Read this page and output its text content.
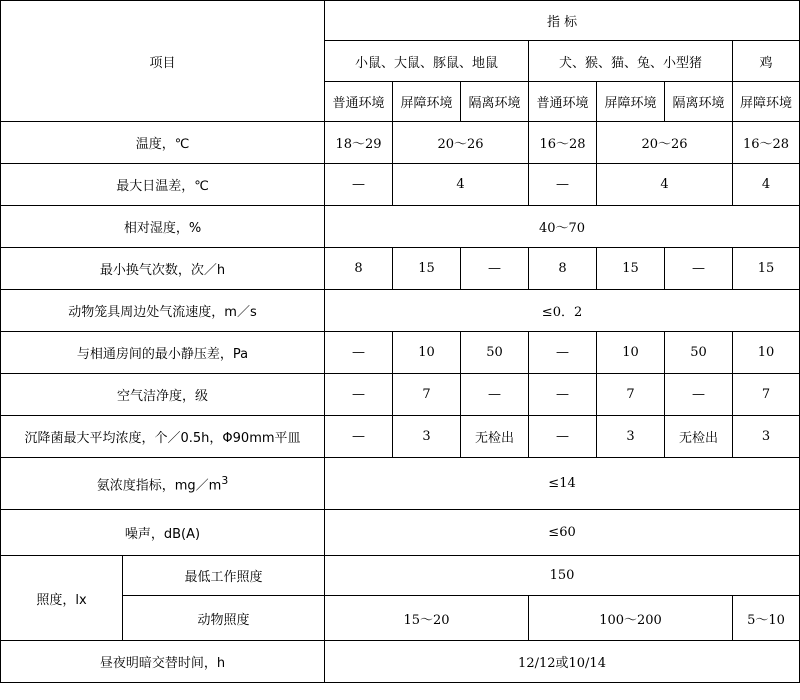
项目		指 标						
		小鼠、大鼠、豚鼠、地鼠			犬、猴、猫、兔、小型猪			鸡
		普通环境	屏障环境	隔离环境	普通环境	屏障环境	隔离环境	屏障环境
温度，℃		18～29	20～26		16～28	20～26		16～28
最大日温差，℃		—	4		—	4		4
相对湿度，%		40～70						
最小换气次数，次／h		8	15	—	8	15	—	15
动物笼具周边处气流速度，m／s		≤0．2						
与相通房间的最小静压差，Pa		—	10	50	—	10	50	10
空气洁净度，级		—	7	—	—	7	—	7
沉降菌最大平均浓度，个／0.5h，Φ90mm平皿		—	3	无检出	—	3	无检出	3
氨浓度指标，$mg/m^3$		≤14						
噪声，dB(A)		≤60						
照度，lx	最低工作照度	150						
	动物照度	15～20			100～200			5～10
昼夜明暗交替时间，h		12/12或10/14						
